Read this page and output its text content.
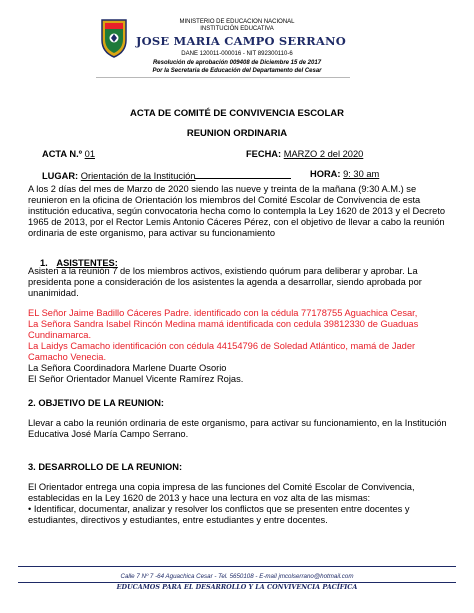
MINISTERIO DE EDUCACION NACIONAL
INSTITUCIÓN EDUCATIVA
JOSE MARIA CAMPO SERRANO
DANE 120011-000016 - NIT 892300110-6
Resolución de aprobación 009408 de Diciembre 15 de 2017
Por la Secretaria de Educación del Departamento del Cesar
ACTA DE COMITÉ DE CONVIVENCIA ESCOLAR
REUNION ORDINARIA
ACTA N.º 01	FECHA: MARZO 2 del 2020
LUGAR: Orientación de la Institución	HORA: 9: 30 am
A los 2 días del mes de Marzo de 2020 siendo las nueve y treinta de la mañana (9:30 A.M.) se
reunieron en la oficina de Orientación los miembros del Comité Escolar de Convivencia de esta
institución educativa, según convocatoria hecha como lo contempla la Ley 1620 de 2013 y el Decreto
1965 de 2013, por el Rector Lemis Antonio Cáceres Pérez, con el objetivo de llevar a cabo la reunión
ordinaria de este organismo, para activar su funcionamiento
1. ASISTENTES:
Asisten a la reunión 7 de los miembros activos, existiendo quórum para deliberar y aprobar. La
presidenta pone a consideración de los asistentes la agenda a desarrollar, siendo aprobada por
unanimidad.
EL Señor Jaime Badillo Cáceres Padre. identificado con la cédula 77178755 Aguachica Cesar,
La Señora Sandra Isabel Rincón Medina mamá identificada con cedula 39812330 de Guaduas
Cundinamarca.
La Laidys Camacho identificación con cédula 44154796 de Soledad Atlántico, mamá de Jader
Camacho Venecia.
La Señora Coordinadora Marlene Duarte Osorio
El Señor Orientador Manuel Vicente Ramírez Rojas.
2. OBJETIVO DE LA REUNION:
Llevar a cabo la reunión ordinaria de este organismo, para activar su funcionamiento, en la Institución
Educativa José María Campo Serrano.
3. DESARROLLO DE LA REUNION:
El Orientador entrega una copia impresa de las funciones del Comité Escolar de Convivencia,
establecidas en la Ley 1620 de 2013 y hace una lectura en voz alta de las mismas:
• Identificar, documentar, analizar y resolver los conflictos que se presenten entre docentes y
estudiantes, directivos y estudiantes, entre estudiantes y entre docentes.
Calle 7 Nº 7 -64 Aguachica Cesar - Tel. 5650108 - E-mail jmcolserrano@hotmail.com
EDUCAMOS PARA EL DESARROLLO Y LA CONVIVENCIA PACÍFICA
